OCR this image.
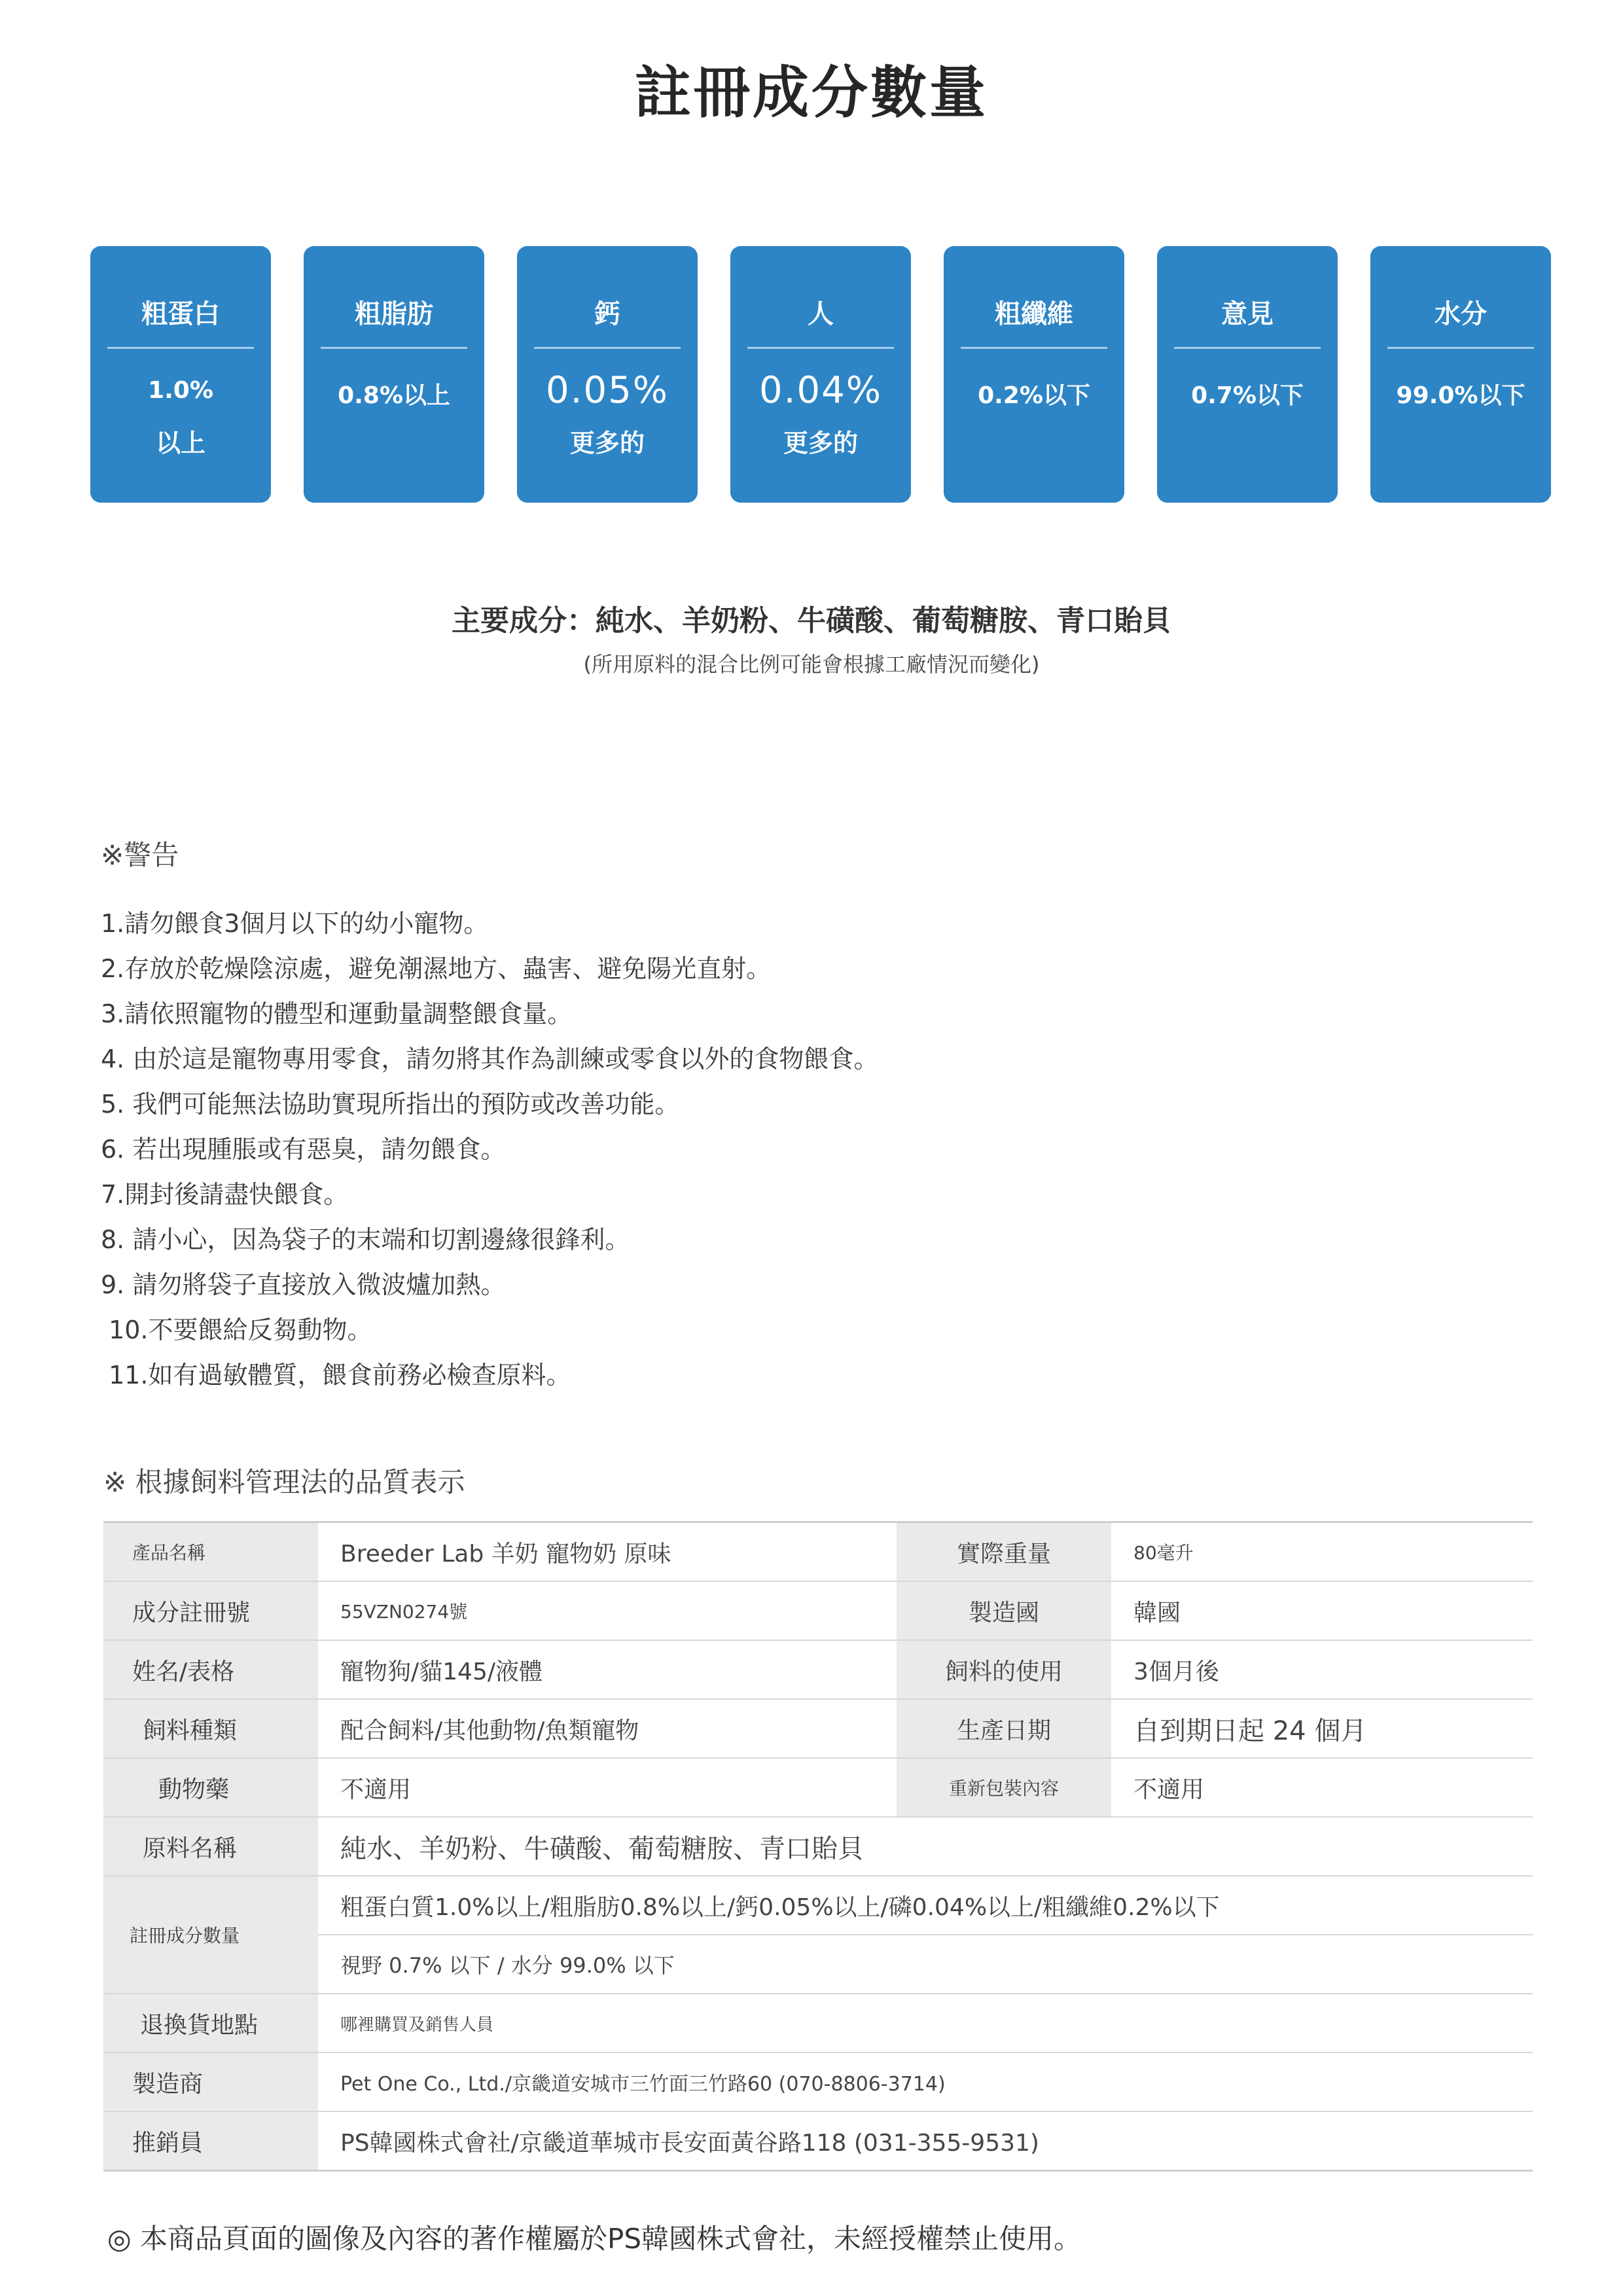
註冊成分數量
粗蛋白
1.0%
以上
粗脂肪
0.8%以上
鈣
0.05%
更多的
人
0.04%
更多的
粗纖維
0.2%以下
意見
0.7%以下
水分
99.0%以下
主要成分：純水、羊奶粉、牛磺酸、葡萄糖胺、青口貽貝
(所用原料的混合比例可能會根據工廠情況而變化)
※警告
1.請勿餵食3個月以下的幼小寵物。
2.存放於乾燥陰涼處，避免潮濕地方、蟲害、避免陽光直射。
3.請依照寵物的體型和運動量調整餵食量。
4. 由於這是寵物專用零食，請勿將其作為訓練或零食以外的食物餵食。
5. 我們可能無法協助實現所指出的預防或改善功能。
6. 若出現腫脹或有惡臭，請勿餵食。
7.開封後請盡快餵食。
8. 請小心，因為袋子的末端和切割邊緣很鋒利。
9. 請勿將袋子直接放入微波爐加熱。
10.不要餵給反芻動物。
11.如有過敏體質，餵食前務必檢查原料。
※ 根據飼料管理法的品質表示
產品名稱	Breeder Lab 羊奶 寵物奶 原味	實際重量	80毫升
成分註冊號	55VZN0274號	製造國	韓國
姓名/表格	寵物狗/貓145/液體	飼料的使用	3個月後
飼料種類	配合飼料/其他動物/魚類寵物	生產日期	自到期日起 24 個月
動物藥	不適用	重新包裝內容	不適用
原料名稱	純水、羊奶粉、牛磺酸、葡萄糖胺、青口貽貝		
註冊成分數量	粗蛋白質1.0%以上/粗脂肪0.8%以上/鈣0.05%以上/磷0.04%以上/粗纖維0.2%以下		
	視野 0.7% 以下 / 水分 99.0% 以下		
退換貨地點	哪裡購買及銷售人員		
製造商	Pet One Co., Ltd./京畿道安城市三竹面三竹路60 (070-8806-3714)		
推銷員	PS韓國株式會社/京畿道華城市長安面黃谷路118 (031-355-9531)		
◎ 本商品頁面的圖像及內容的著作權屬於PS韓國株式會社，未經授權禁止使用。
